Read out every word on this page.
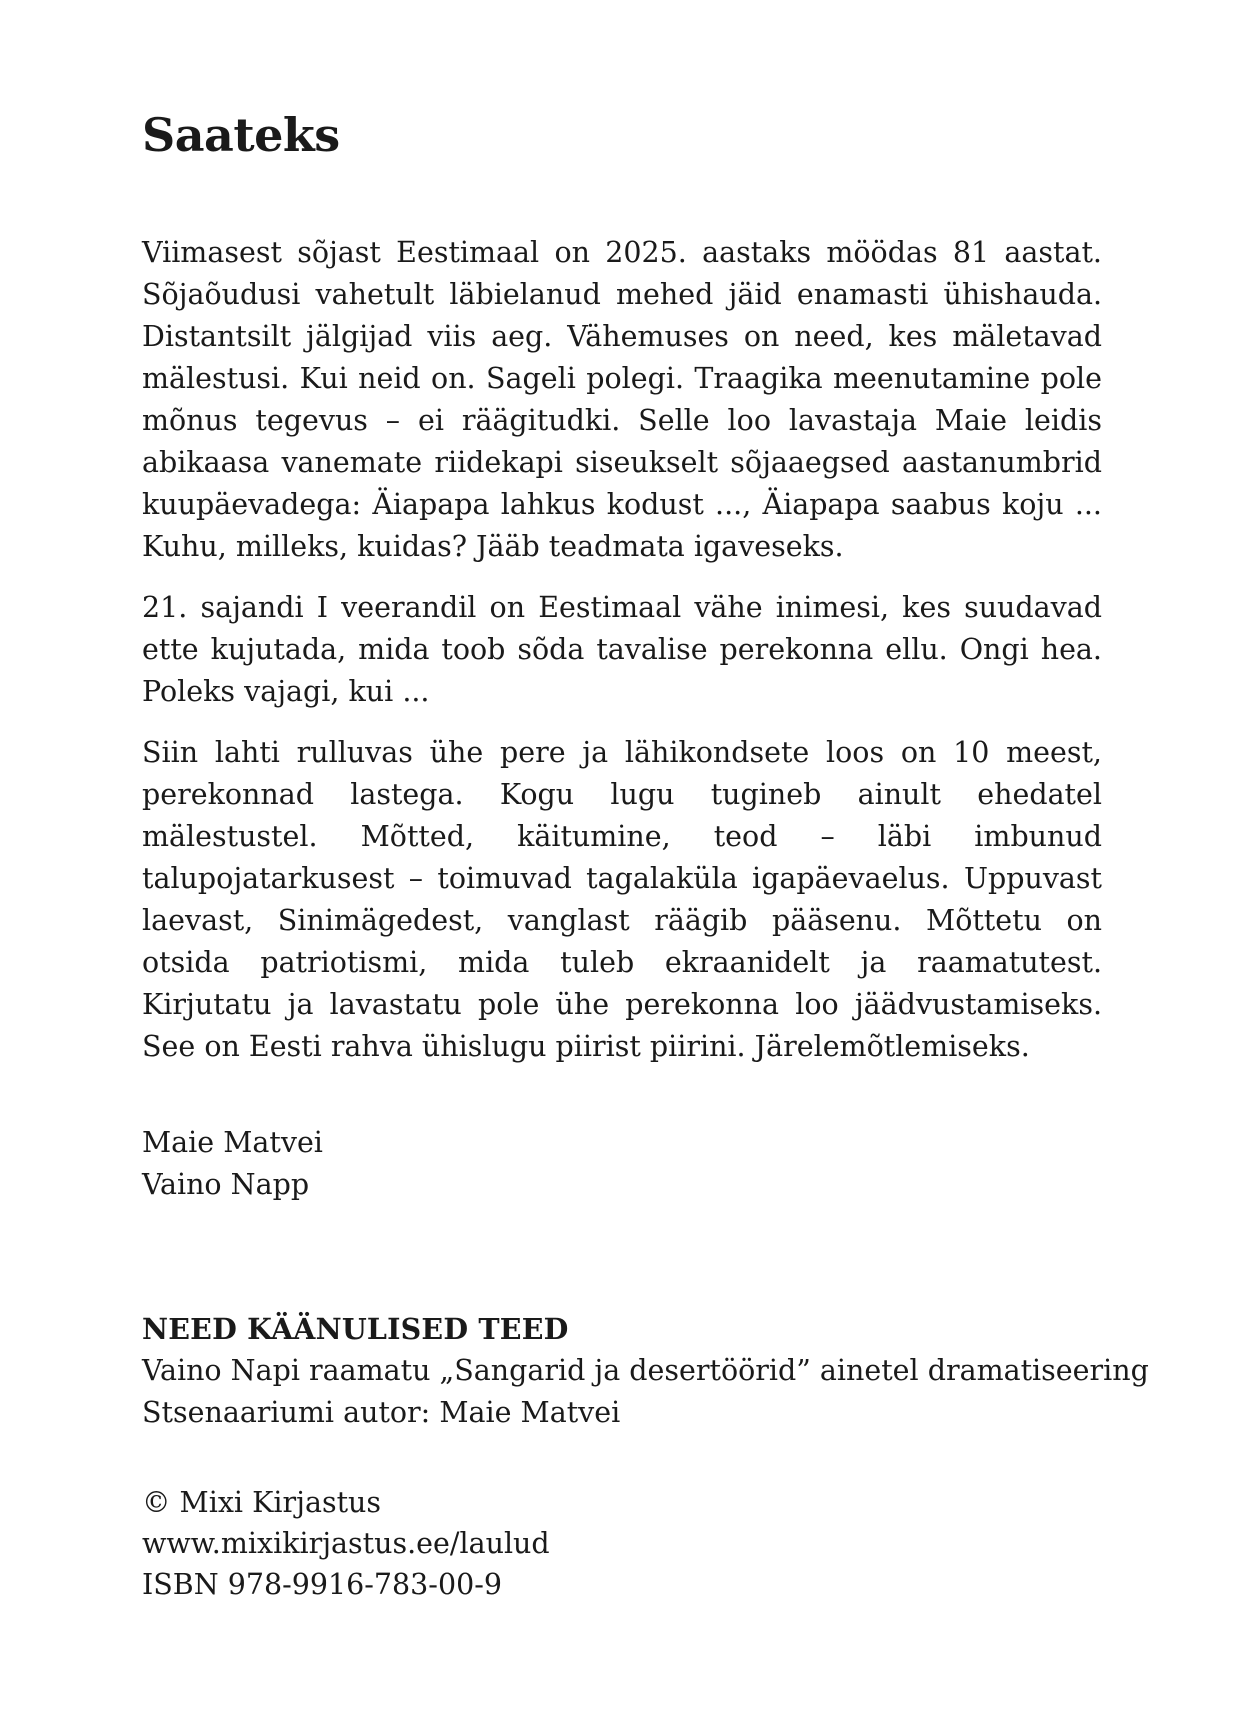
Saateks

Viimasest sõjast Eestimaal on 2025. aastaks möödas 81 aastat. Sõjaõudusi vahetult läbielanud mehed jäid enamasti ühishauda. Distantsilt jälgijad viis aeg. Vähemuses on need, kes mäletavad mälestusi. Kui neid on. Sageli polegi. Traagika meenutamine pole mõnus tegevus – ei räägitudki. Selle loo lavastaja Maie leidis abikaasa vanemate riidekapi siseukselt sõjaaegsed aastanumbrid kuupäevadega: Äiapapa lahkus kodust ..., Äiapapa saabus koju ... Kuhu, milleks, kuidas? Jääb teadmata igaveseks.

21. sajandi I veerandil on Eestimaal vähe inimesi, kes suudavad ette kujutada, mida toob sõda tavalise perekonna ellu. Ongi hea. Poleks vajagi, kui ...

Siin lahti rulluvas ühe pere ja lähikondsete loos on 10 meest, perekonnad lastega. Kogu lugu tugineb ainult ehedatel mälestustel. Mõtted, käitumine, teod – läbi imbunud talupojatarkusest – toimuvad tagalaküla igapäevaelus. Uppuvast laevast, Sinimägedest, vanglast räägib pääsenu. Mõttetu on otsida patriotismi, mida tuleb ekraanidelt ja raamatutest. Kirjutatu ja lavastatu pole ühe perekonna loo jäädvustamiseks. See on Eesti rahva ühislugu piirist piirini. Järelemõtlemiseks.

Maie Matvei
Vaino Napp
NEED KÄÄNULISED TEED
Vaino Napi raamatu „Sangarid ja desertöörid” ainetel dramatiseering
Stsenaariumi autor: Maie Matvei
© Mixi Kirjastus
www.mixikirjastus.ee/laulud
ISBN 978-9916-783-00-9
